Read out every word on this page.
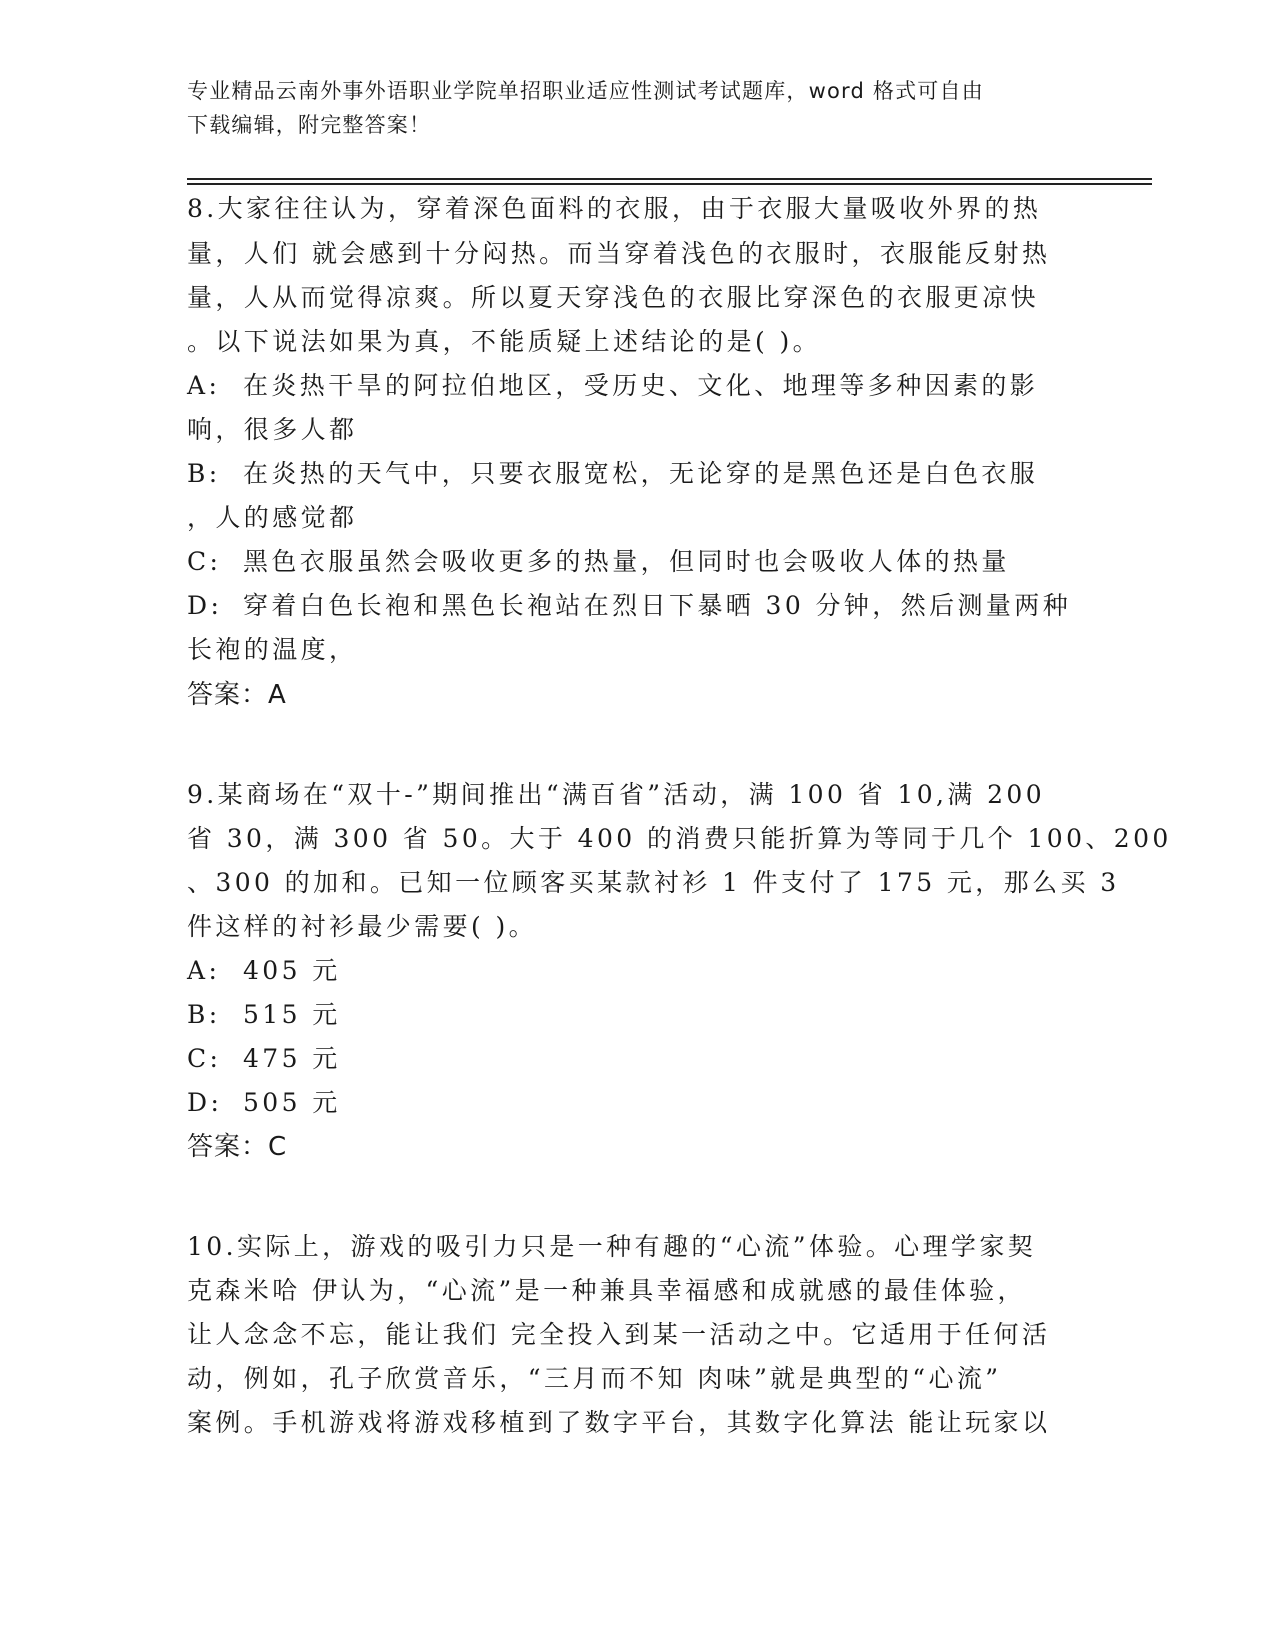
专业精品云南外事外语职业学院单招职业适应性测试考试题库，word 格式可自由
下载编辑，附完整答案！
8.大家往往认为，穿着深色面料的衣服，由于衣服大量吸收外界的热
量，人们 就会感到十分闷热。而当穿着浅色的衣服时，衣服能反射热
量，人从而觉得凉爽。所以夏天穿浅色的衣服比穿深色的衣服更凉快
。以下说法如果为真，不能质疑上述结论的是( )。
A: 在炎热干旱的阿拉伯地区，受历史、文化、地理等多种因素的影
响，很多人都
B: 在炎热的天气中，只要衣服宽松，无论穿的是黑色还是白色衣服
，人的感觉都
C: 黑色衣服虽然会吸收更多的热量，但同时也会吸收人体的热量
D: 穿着白色长袍和黑色长袍站在烈日下暴晒 30 分钟，然后测量两种
长袍的温度，
答案：A
9.某商场在“双十-”期间推出“满百省”活动，满 100 省 10,满 200
省 30，满 300 省 50。大于 400 的消费只能折算为等同于几个 100、200
、300 的加和。已知一位顾客买某款衬衫 1 件支付了 175 元，那么买 3
件这样的衬衫最少需要( )。
A: 405 元
B: 515 元
C: 475 元
D: 505 元
答案：C
10.实际上，游戏的吸引力只是一种有趣的“心流”体验。心理学家契
克森米哈 伊认为，“心流”是一种兼具幸福感和成就感的最佳体验，
让人念念不忘，能让我们 完全投入到某一活动之中。它适用于任何活
动，例如，孔子欣赏音乐，“三月而不知 肉味”就是典型的“心流”
案例。手机游戏将游戏移植到了数字平台，其数字化算法 能让玩家以
